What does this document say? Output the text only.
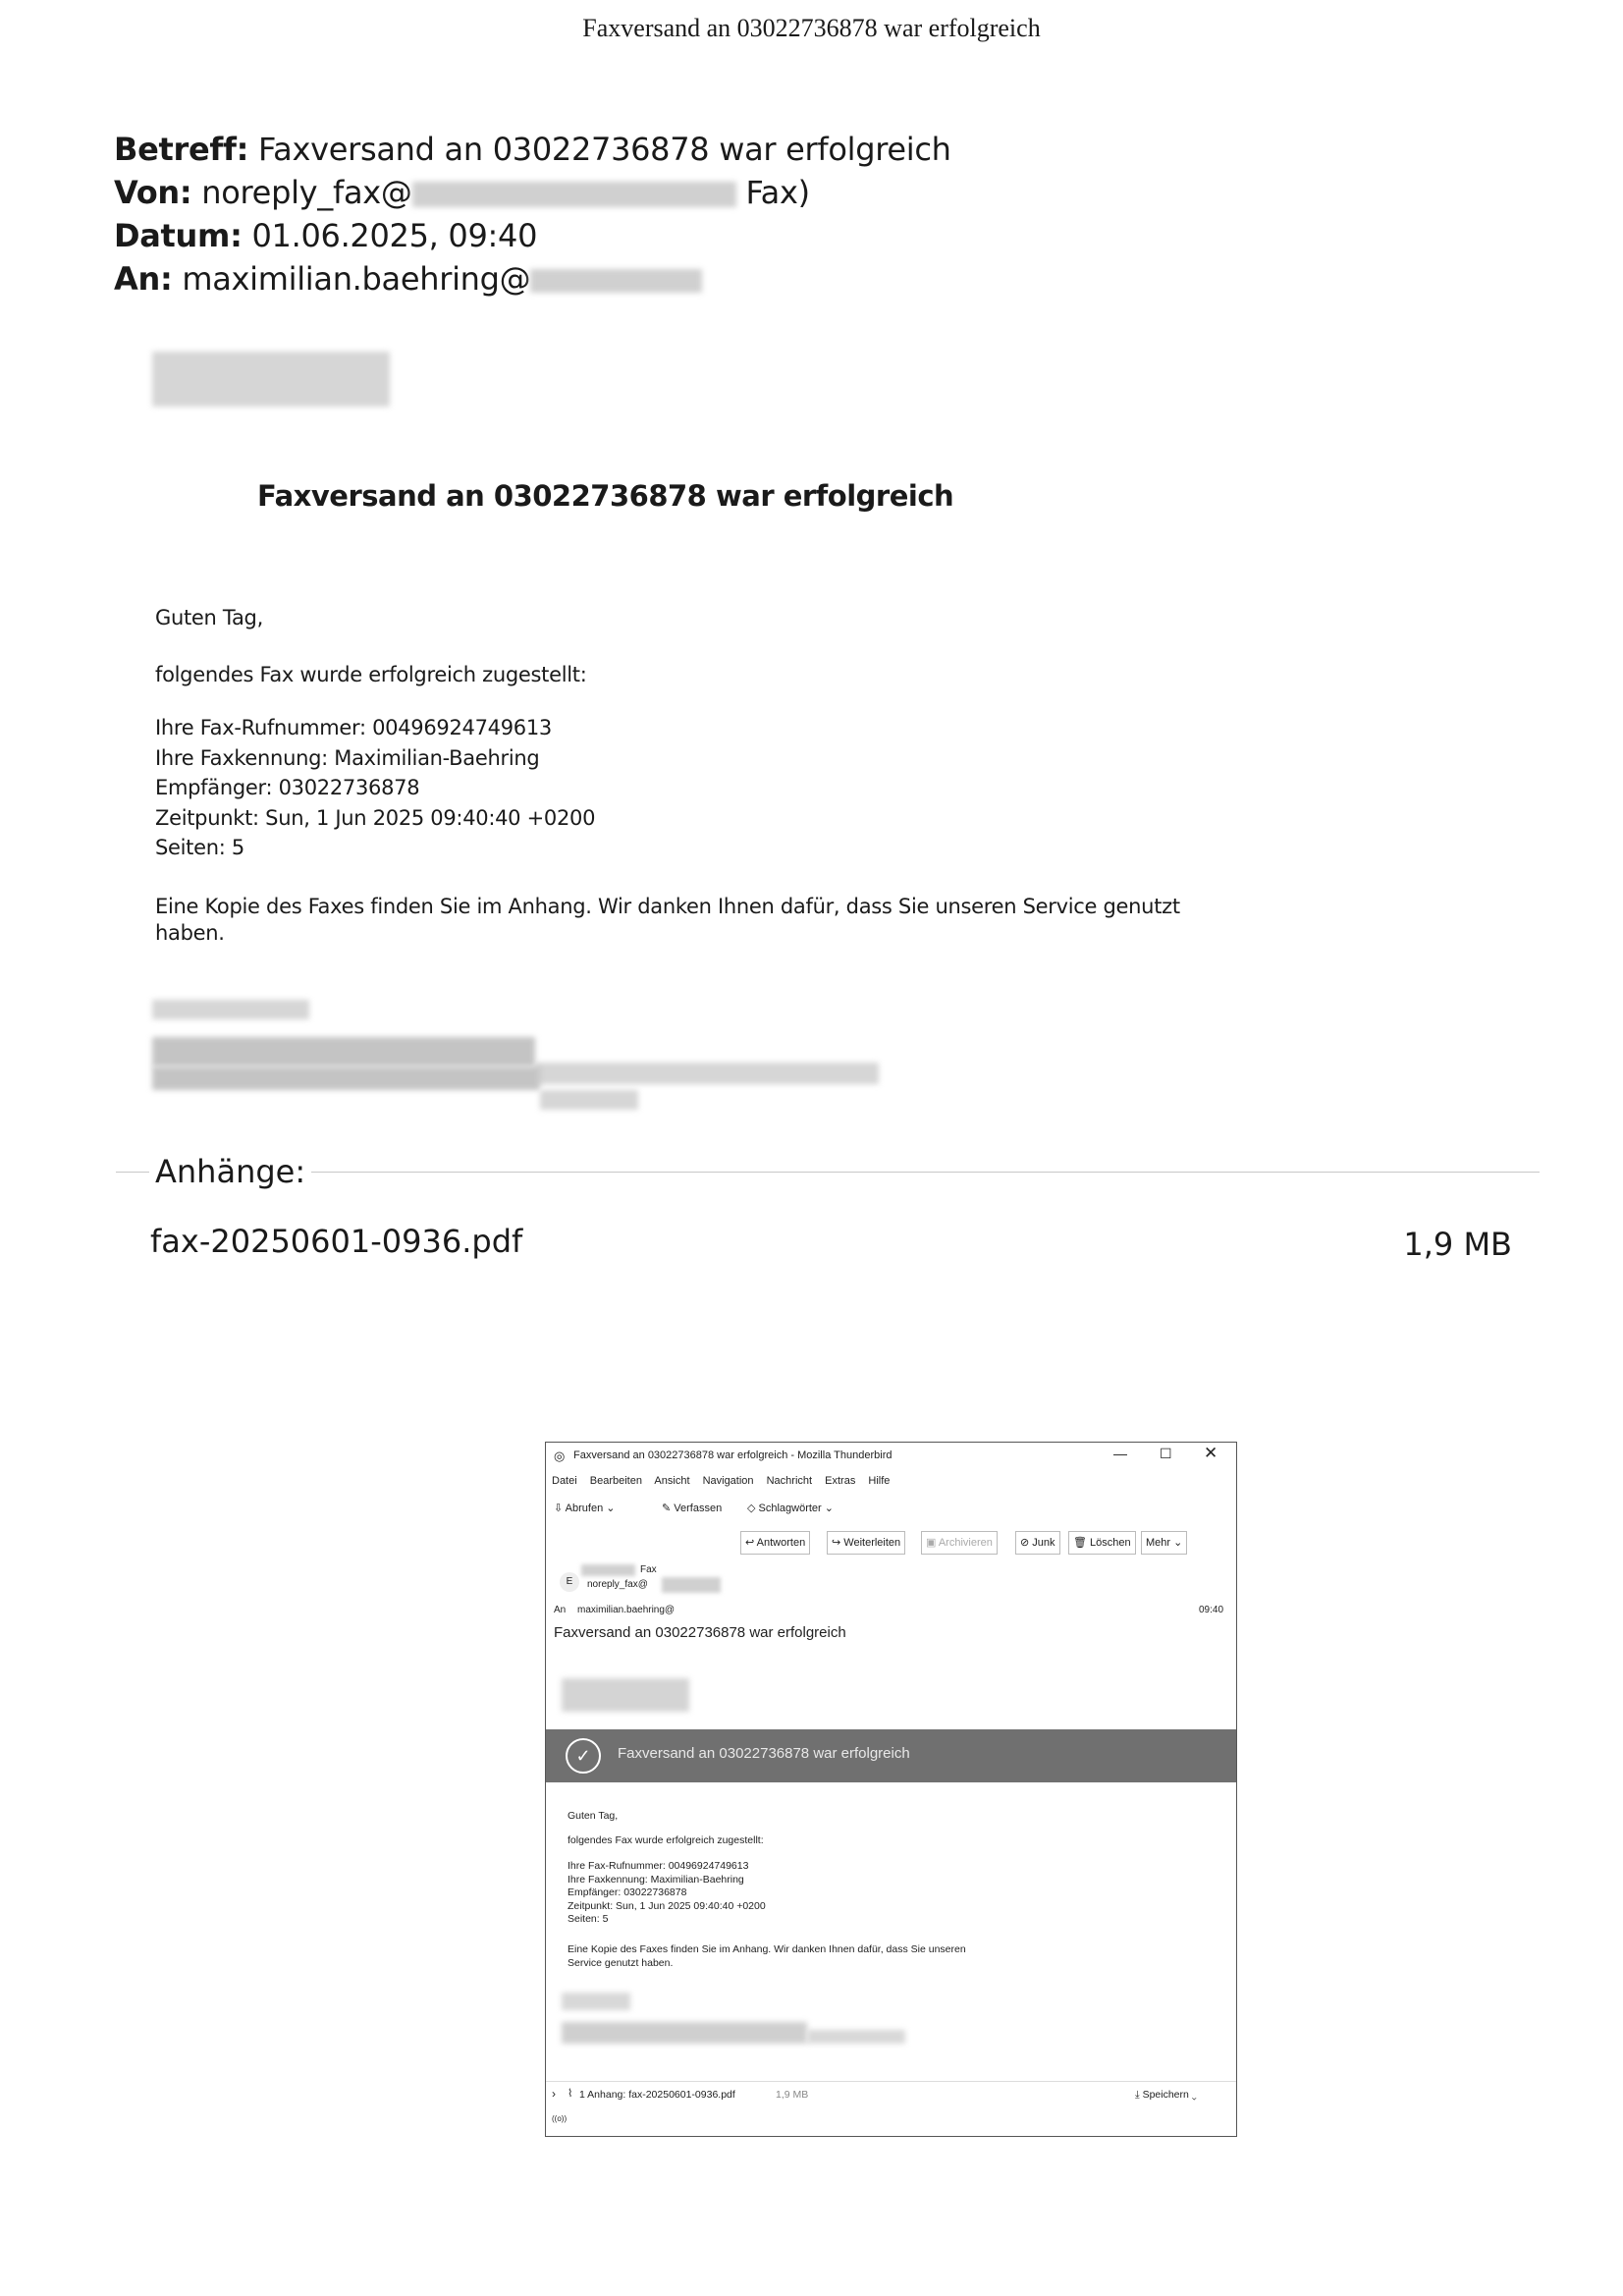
Faxversand an 03022736878 war erfolgreich
Betreff: Faxversand an 03022736878 war erfolgreich
Von: noreply_fax@	Fax)
Datum: 01.06.2025, 09:40
An: maximilian.baehring@
Faxversand an 03022736878 war erfolgreich
Guten Tag,
folgendes Fax wurde erfolgreich zugestellt:
Ihre Fax-Rufnummer: 00496924749613
Ihre Faxkennung: Maximilian-Baehring
Empfänger: 03022736878
Zeitpunkt: Sun, 1 Jun 2025 09:40:40 +0200
Seiten: 5
Eine Kopie des Faxes finden Sie im Anhang. Wir danken Ihnen dafür, dass Sie unseren Service genutzt
haben.
Anhänge:
fax-20250601-0936.pdf	1,9 MB
◎ Faxversand an 03022736878 war erfolgreich - Mozilla Thunderbird	— ☐ ✕
Datei Bearbeiten Ansicht Navigation Nachricht Extras Hilfe
⇩ Abrufen ⌄	✎ Verfassen ◇ Schlagwörter ⌄
↩ Antworten	↪ Weiterleiten	▣ Archivieren	⊘ Junk	🗑 Löschen	Mehr ⌄
E
Fax
noreply_fax@
An maximilian.baehring@	09:40
Faxversand an 03022736878 war erfolgreich
✓	Faxversand an 03022736878 war erfolgreich
Guten Tag,
folgendes Fax wurde erfolgreich zugestellt:
Ihre Fax-Rufnummer: 00496924749613
Ihre Faxkennung: Maximilian-Baehring
Empfänger: 03022736878
Zeitpunkt: Sun, 1 Jun 2025 09:40:40 +0200
Seiten: 5
Eine Kopie des Faxes finden Sie im Anhang. Wir danken Ihnen dafür, dass Sie unseren
Service genutzt haben.
› ⌇ 1 Anhang: fax-20250601-0936.pdf	1,9 MB	⤓ Speichern ⌄
((o))
